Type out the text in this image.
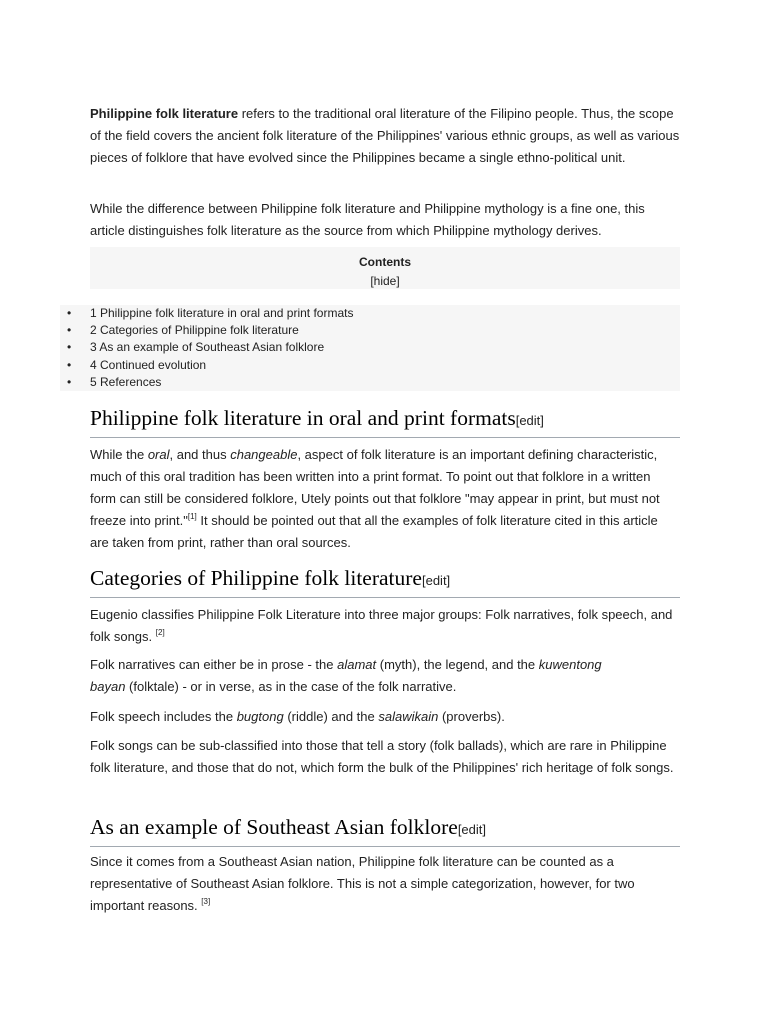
Philippine folk literature refers to the traditional oral literature of the Filipino people. Thus, the scope of the field covers the ancient folk literature of the Philippines' various ethnic groups, as well as various pieces of folklore that have evolved since the Philippines became a single ethno-political unit.

While the difference between Philippine folk literature and Philippine mythology is a fine one, this article distinguishes folk literature as the source from which Philippine mythology derives.

Contents
[hide]
• 1 Philippine folk literature in oral and print formats
• 2 Categories of Philippine folk literature
• 3 As an example of Southeast Asian folklore
• 4 Continued evolution
• 5 References
Philippine folk literature in oral and print formats[edit]

While the oral, and thus changeable, aspect of folk literature is an important defining characteristic, much of this oral tradition has been written into a print format. To point out that folklore in a written form can still be considered folklore, Utely points out that folklore "may appear in print, but must not freeze into print."[1] It should be pointed out that all the examples of folk literature cited in this article are taken from print, rather than oral sources.

Categories of Philippine folk literature[edit]

Eugenio classifies Philippine Folk Literature into three major groups: Folk narratives, folk speech, and folk songs. [2]

Folk narratives can either be in prose - the alamat (myth), the legend, and the kuwentong
bayan (folktale) - or in verse, as in the case of the folk narrative.

Folk speech includes the bugtong (riddle) and the salawikain (proverbs).

Folk songs can be sub-classified into those that tell a story (folk ballads), which are rare in Philippine folk literature, and those that do not, which form the bulk of the Philippines' rich heritage of folk songs.

As an example of Southeast Asian folklore[edit]

Since it comes from a Southeast Asian nation, Philippine folk literature can be counted as a representative of Southeast Asian folklore. This is not a simple categorization, however, for two important reasons. [3]
